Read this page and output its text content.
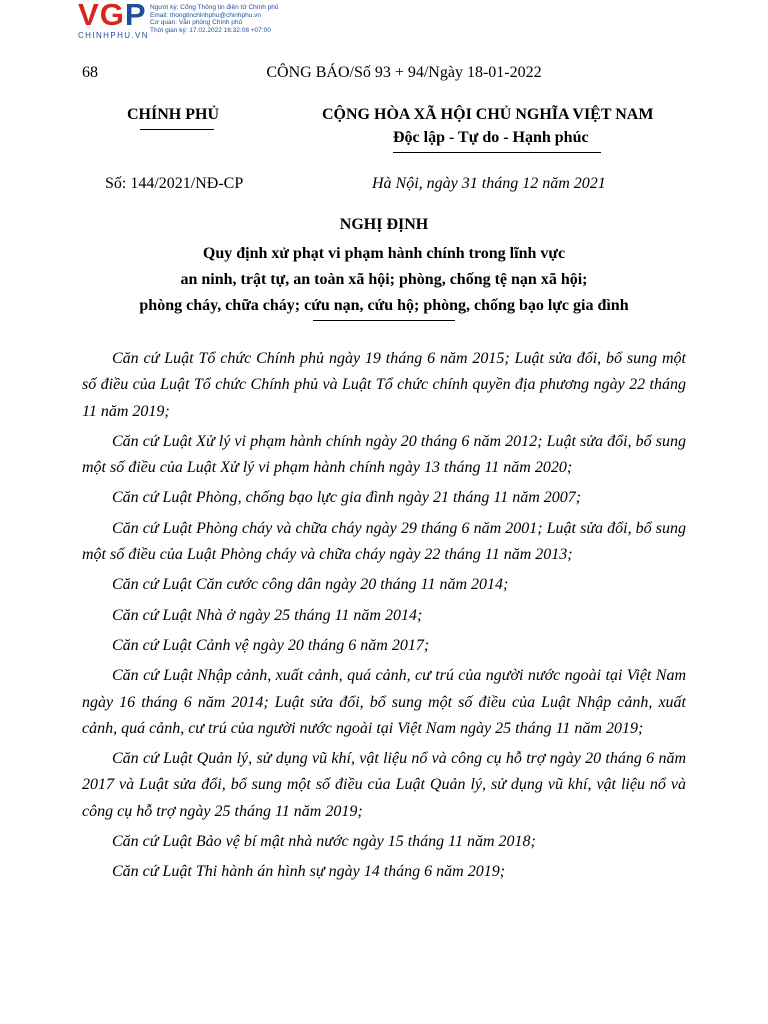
VGP
CHINHPHU.VN
Người ký: Cổng Thông tin điện tử Chính phủ
Email: thongtinchinhphu@chinhphu.vn
Cơ quan: Văn phòng Chính phủ
Thời gian ký: 17.02.2022 16:32:08 +07:00
68	CÔNG BÁO/Số 93 + 94/Ngày 18-01-2022
CHÍNH PHỦ	CỘNG HÒA XÃ HỘI CHỦ NGHĨA VIỆT NAM
Độc lập - Tự do - Hạnh phúc
Số: 144/2021/NĐ-CP	Hà Nội, ngày 31 tháng 12 năm 2021
NGHỊ ĐỊNH
Quy định xử phạt vi phạm hành chính trong lĩnh vực
an ninh, trật tự, an toàn xã hội; phòng, chống tệ nạn xã hội;
phòng cháy, chữa cháy; cứu nạn, cứu hộ; phòng, chống bạo lực gia đình

Căn cứ Luật Tổ chức Chính phủ ngày 19 tháng 6 năm 2015; Luật sửa đổi, bổ sung một số điều của Luật Tổ chức Chính phủ và Luật Tổ chức chính quyền địa phương ngày 22 tháng 11 năm 2019;

Căn cứ Luật Xử lý vi phạm hành chính ngày 20 tháng 6 năm 2012; Luật sửa đổi, bổ sung một số điều của Luật Xử lý vi phạm hành chính ngày 13 tháng 11 năm 2020;

Căn cứ Luật Phòng, chống bạo lực gia đình ngày 21 tháng 11 năm 2007;

Căn cứ Luật Phòng cháy và chữa cháy ngày 29 tháng 6 năm 2001; Luật sửa đổi, bổ sung một số điều của Luật Phòng cháy và chữa cháy ngày 22 tháng 11 năm 2013;

Căn cứ Luật Căn cước công dân ngày 20 tháng 11 năm 2014;

Căn cứ Luật Nhà ở ngày 25 tháng 11 năm 2014;

Căn cứ Luật Cảnh vệ ngày 20 tháng 6 năm 2017;

Căn cứ Luật Nhập cảnh, xuất cảnh, quá cảnh, cư trú của người nước ngoài tại Việt Nam ngày 16 tháng 6 năm 2014; Luật sửa đổi, bổ sung một số điều của Luật Nhập cảnh, xuất cảnh, quá cảnh, cư trú của người nước ngoài tại Việt Nam ngày 25 tháng 11 năm 2019;

Căn cứ Luật Quản lý, sử dụng vũ khí, vật liệu nổ và công cụ hỗ trợ ngày 20 tháng 6 năm 2017 và Luật sửa đổi, bổ sung một số điều của Luật Quản lý, sử dụng vũ khí, vật liệu nổ và công cụ hỗ trợ ngày 25 tháng 11 năm 2019;

Căn cứ Luật Bảo vệ bí mật nhà nước ngày 15 tháng 11 năm 2018;

Căn cứ Luật Thi hành án hình sự ngày 14 tháng 6 năm 2019;
